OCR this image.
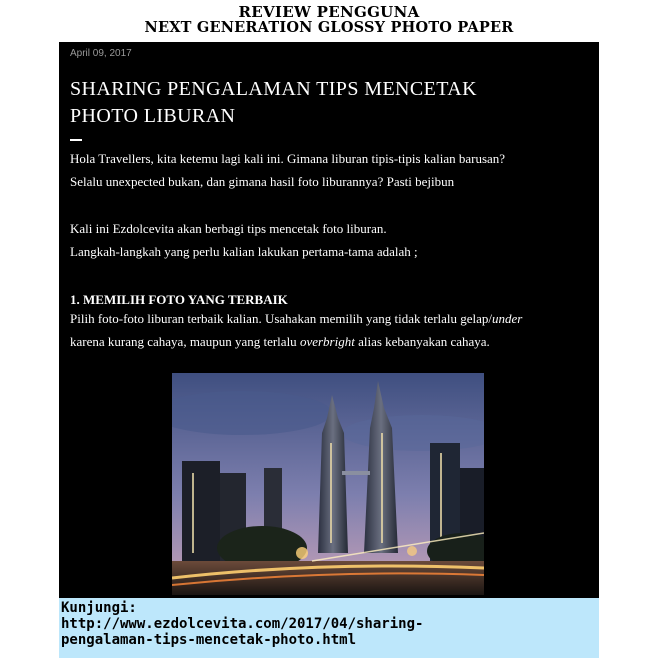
REVIEW PENGGUNA
NEXT GENERATION GLOSSY PHOTO PAPER
April 09, 2017
SHARING PENGALAMAN TIPS MENCETAK PHOTO LIBURAN
Hola Travellers, kita ketemu lagi kali ini. Gimana liburan tipis-tipis kalian barusan?
Selalu unexpected bukan, dan gimana hasil foto liburannya? Pasti bejibun
Kali ini Ezdolcevita akan berbagi tips mencetak foto liburan.
Langkah-langkah yang perlu kalian lakukan pertama-tama adalah ;
1. MEMILIH FOTO YANG TERBAIK
Pilih foto-foto liburan terbaik kalian. Usahakan memilih yang tidak terlalu gelap/under
karena kurang cahaya, maupun yang terlalu overbright alias kebanyakan cahaya.
Kunjungi:
http://www.ezdolcevita.com/2017/04/sharing-
pengalaman-tips-mencetak-photo.html
